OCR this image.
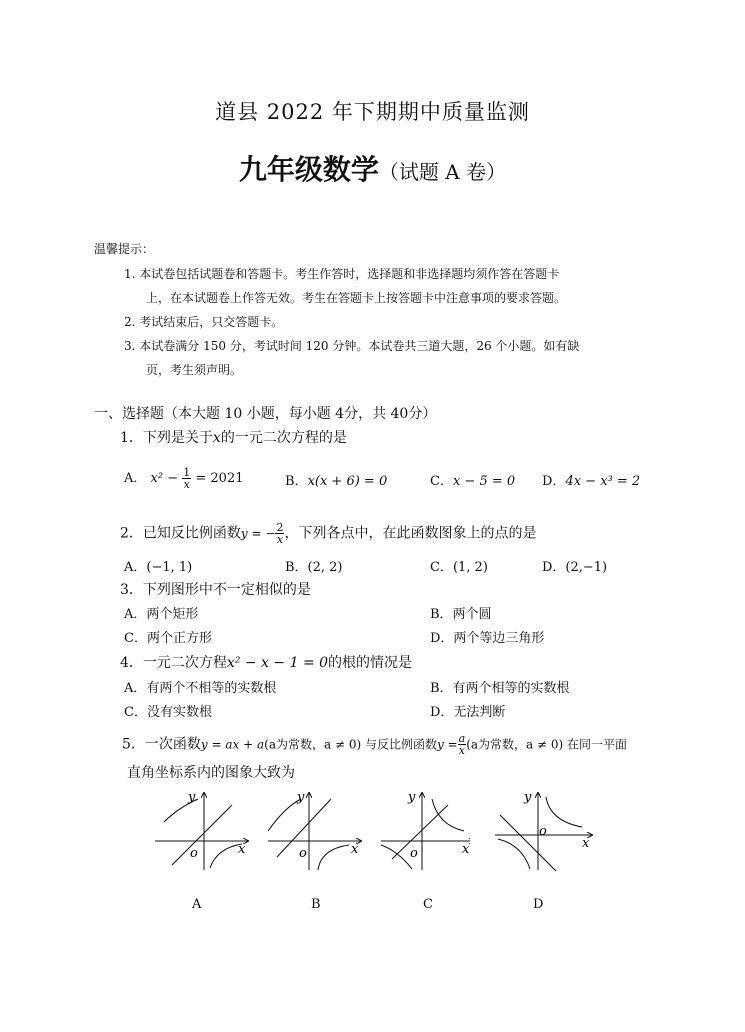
道县 2022 年下期期中质量监测
九年级数学（试题 A 卷）
温馨提示：
1. 本试卷包括试题卷和答题卡。考生作答时，选择题和非选择题均须作答在答题卡
上，在本试题卷上作答无效。考生在答题卡上按答题卡中注意事项的要求答题。
2. 考试结束后，只交答题卡。
3. 本试卷满分 150 分，考试时间 120 分钟。本试卷共三道大题，26 个小题。如有缺
页，考生须声明。
一、选择题（本大题 10 小题，每小题 4分，共 40分）
1．下列是关于x的一元二次方程的是
A． $x^2 - \frac{1}{x} = 2021$	B．x(x + 6) = 0	C．x − 5 = 0 D．4x − x³ = 2
2．已知反比例函数y = − $\frac{2}{x}$ ，下列各点中，在此函数图象上的点的是
A．(−1, 1)	B．(2, 2)	C．(1, 2)	D．(2,−1)
3．下列图形中不一定相似的是
A．两个矩形	B．两个圆
C．两个正方形	D．两个等边三角形
4．一元二次方程x² − x − 1 = 0的根的情况是
A．有两个不相等的实数根	B．有两个相等的实数根
C．没有实数根	D．无法判断
5．一次函数y = ax + a(a为常数，a ≠ 0) 与反比例函数$y = \frac{a}{x} (a$为常数，a ≠ 0) 在同一平面
直角坐标系内的图象大致为
y
o	x
y
o	x
y
o	x
y
o
x
A	B	C	D
